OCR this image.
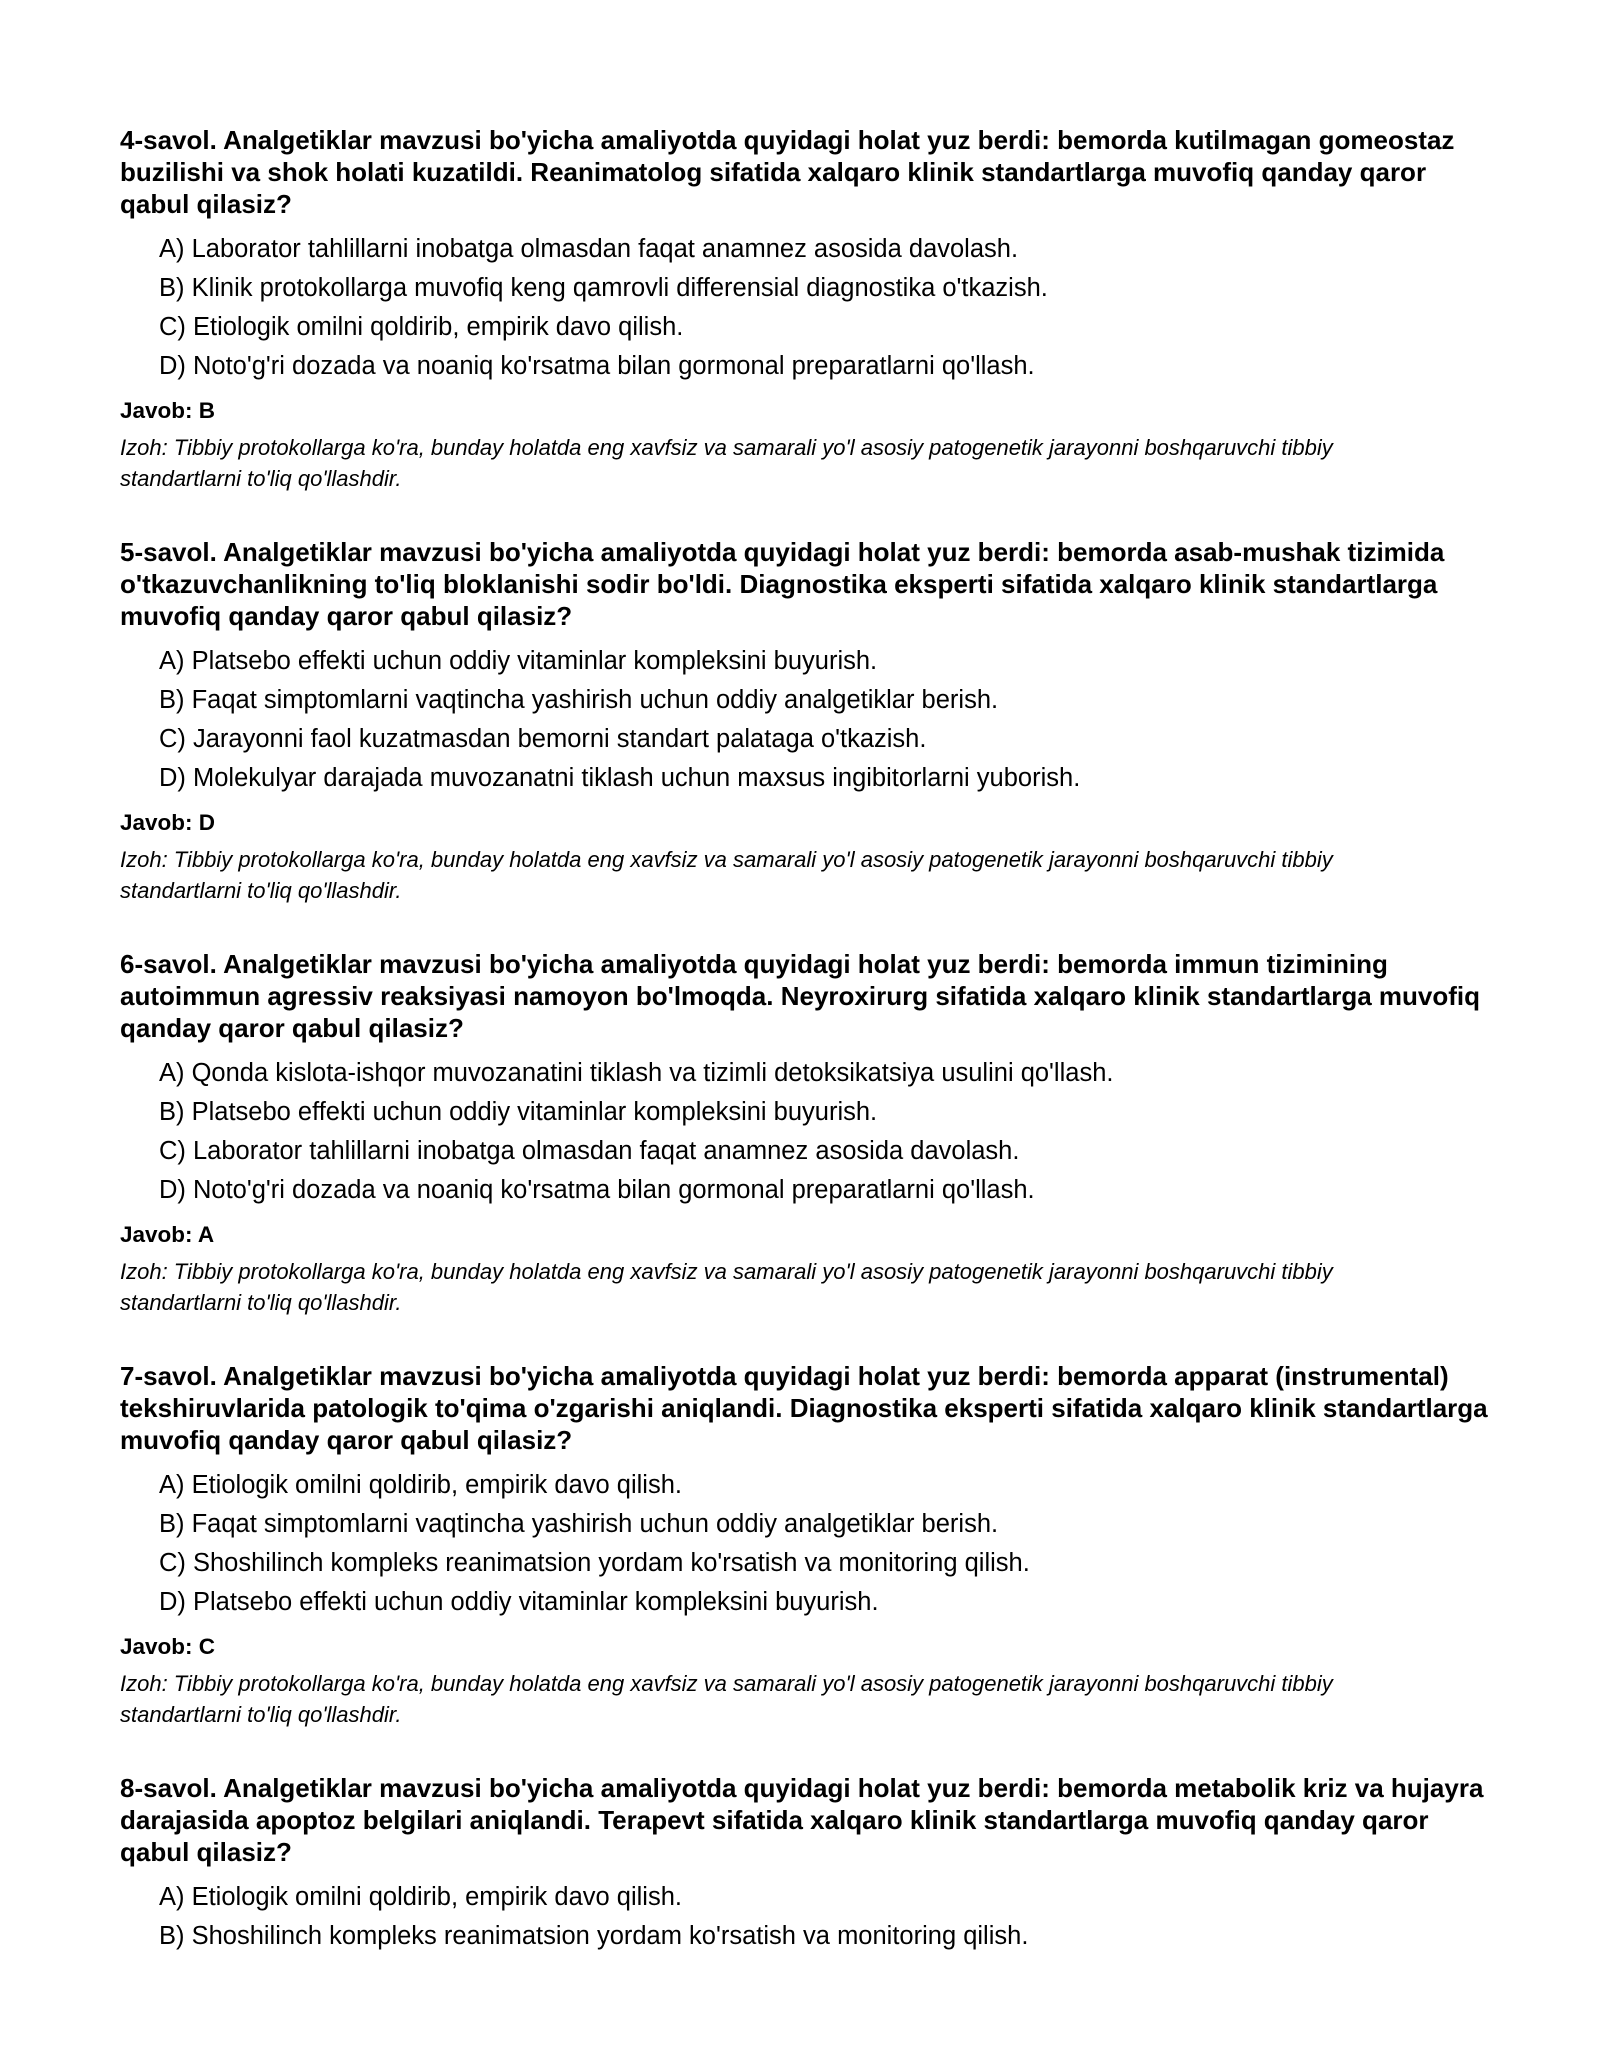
4-savol. Analgetiklar mavzusi bo'yicha amaliyotda quyidagi holat yuz berdi: bemorda kutilmagan gomeostaz buzilishi va shok holati kuzatildi. Reanimatolog sifatida xalqaro klinik standartlarga muvofiq qanday qaror qabul qilasiz?

A) Laborator tahlillarni inobatga olmasdan faqat anamnez asosida davolash.
B) Klinik protokollarga muvofiq keng qamrovli differensial diagnostika o'tkazish.
C) Etiologik omilni qoldirib, empirik davo qilish.
D) Noto'g'ri dozada va noaniq ko'rsatma bilan gormonal preparatlarni qo'llash.

Javob: B

Izoh: Tibbiy protokollarga ko'ra, bunday holatda eng xavfsiz va samarali yo'l asosiy patogenetik jarayonni boshqaruvchi tibbiy standartlarni to'liq qo'llashdir.

5-savol. Analgetiklar mavzusi bo'yicha amaliyotda quyidagi holat yuz berdi: bemorda asab-mushak tizimida o'tkazuvchanlikning to'liq bloklanishi sodir bo'ldi. Diagnostika eksperti sifatida xalqaro klinik standartlarga muvofiq qanday qaror qabul qilasiz?

A) Platsebo effekti uchun oddiy vitaminlar kompleksini buyurish.
B) Faqat simptomlarni vaqtincha yashirish uchun oddiy analgetiklar berish.
C) Jarayonni faol kuzatmasdan bemorni standart palataga o'tkazish.
D) Molekulyar darajada muvozanatni tiklash uchun maxsus ingibitorlarni yuborish.

Javob: D

Izoh: Tibbiy protokollarga ko'ra, bunday holatda eng xavfsiz va samarali yo'l asosiy patogenetik jarayonni boshqaruvchi tibbiy standartlarni to'liq qo'llashdir.

6-savol. Analgetiklar mavzusi bo'yicha amaliyotda quyidagi holat yuz berdi: bemorda immun tizimining autoimmun agressiv reaksiyasi namoyon bo'lmoqda. Neyroxirurg sifatida xalqaro klinik standartlarga muvofiq qanday qaror qabul qilasiz?

A) Qonda kislota-ishqor muvozanatini tiklash va tizimli detoksikatsiya usulini qo'llash.
B) Platsebo effekti uchun oddiy vitaminlar kompleksini buyurish.
C) Laborator tahlillarni inobatga olmasdan faqat anamnez asosida davolash.
D) Noto'g'ri dozada va noaniq ko'rsatma bilan gormonal preparatlarni qo'llash.

Javob: A

Izoh: Tibbiy protokollarga ko'ra, bunday holatda eng xavfsiz va samarali yo'l asosiy patogenetik jarayonni boshqaruvchi tibbiy standartlarni to'liq qo'llashdir.

7-savol. Analgetiklar mavzusi bo'yicha amaliyotda quyidagi holat yuz berdi: bemorda apparat (instrumental) tekshiruvlarida patologik to'qima o'zgarishi aniqlandi. Diagnostika eksperti sifatida xalqaro klinik standartlarga muvofiq qanday qaror qabul qilasiz?

A) Etiologik omilni qoldirib, empirik davo qilish.
B) Faqat simptomlarni vaqtincha yashirish uchun oddiy analgetiklar berish.
C) Shoshilinch kompleks reanimatsion yordam ko'rsatish va monitoring qilish.
D) Platsebo effekti uchun oddiy vitaminlar kompleksini buyurish.

Javob: C

Izoh: Tibbiy protokollarga ko'ra, bunday holatda eng xavfsiz va samarali yo'l asosiy patogenetik jarayonni boshqaruvchi tibbiy standartlarni to'liq qo'llashdir.

8-savol. Analgetiklar mavzusi bo'yicha amaliyotda quyidagi holat yuz berdi: bemorda metabolik kriz va hujayra darajasida apoptoz belgilari aniqlandi. Terapevt sifatida xalqaro klinik standartlarga muvofiq qanday qaror qabul qilasiz?

A) Etiologik omilni qoldirib, empirik davo qilish.
B) Shoshilinch kompleks reanimatsion yordam ko'rsatish va monitoring qilish.
